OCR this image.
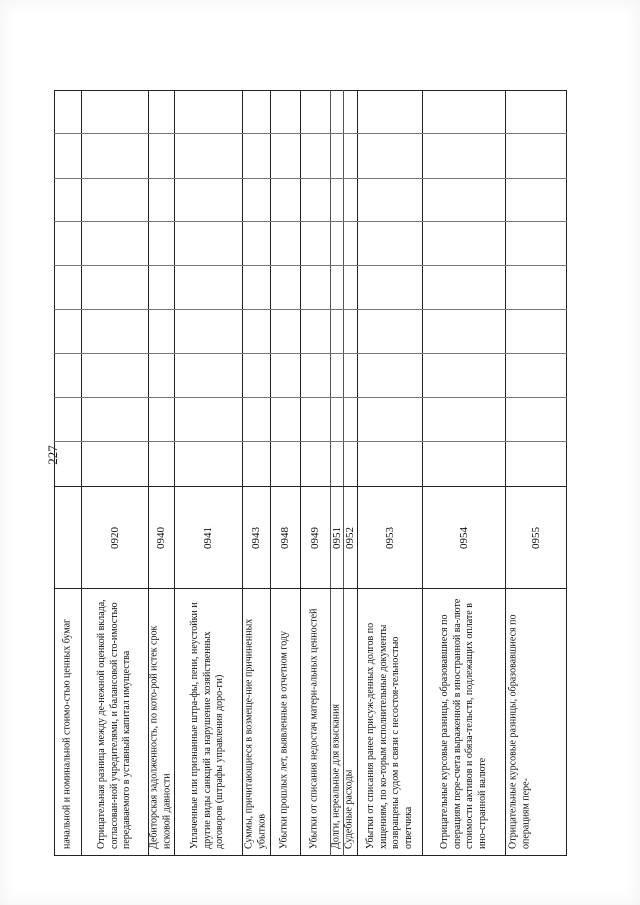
227
начальной и номинальной стоимо-стью ценных бумаг
0920
Отрицательная разница между де-нежной оценкой вклада, согласован-ной учредителями, и балансовой сто-имостью передаваемого в уставный капитал имущества
0940
Дебиторская задолженность, по кото-рой истек срок исковой давности
0941
Уплаченные или признанные штра-фы, пени, неустойки и другие виды санкций за нарушение хозяйственных договоров (штрафы управления доро-ги)
0943
Суммы, причитающиеся в возмеще-ние причиненных убытков
0948
Убытки прошлых лет, выявленные в отчетном году
0949
Убытки от списания недостач матери-альных ценностей
0951
Долги, нереальные для взыскания
0952
Судебные расходы
0953
Убытки от списания ранее присуж-денных долгов по хищениям, по ко-торым исполнительные документы возвращены судом в связи с несостоя-тельностью ответчика
0954
Отрицательные курсовые разницы, образовавшиеся по операциям пере-счета выраженной в иностранной ва-люте стоимости активов и обяза-тельств, подлежащих оплате в ино-странной валюте
0955
Отрицательные курсовые разницы, образовавшиеся по операциям пере-
